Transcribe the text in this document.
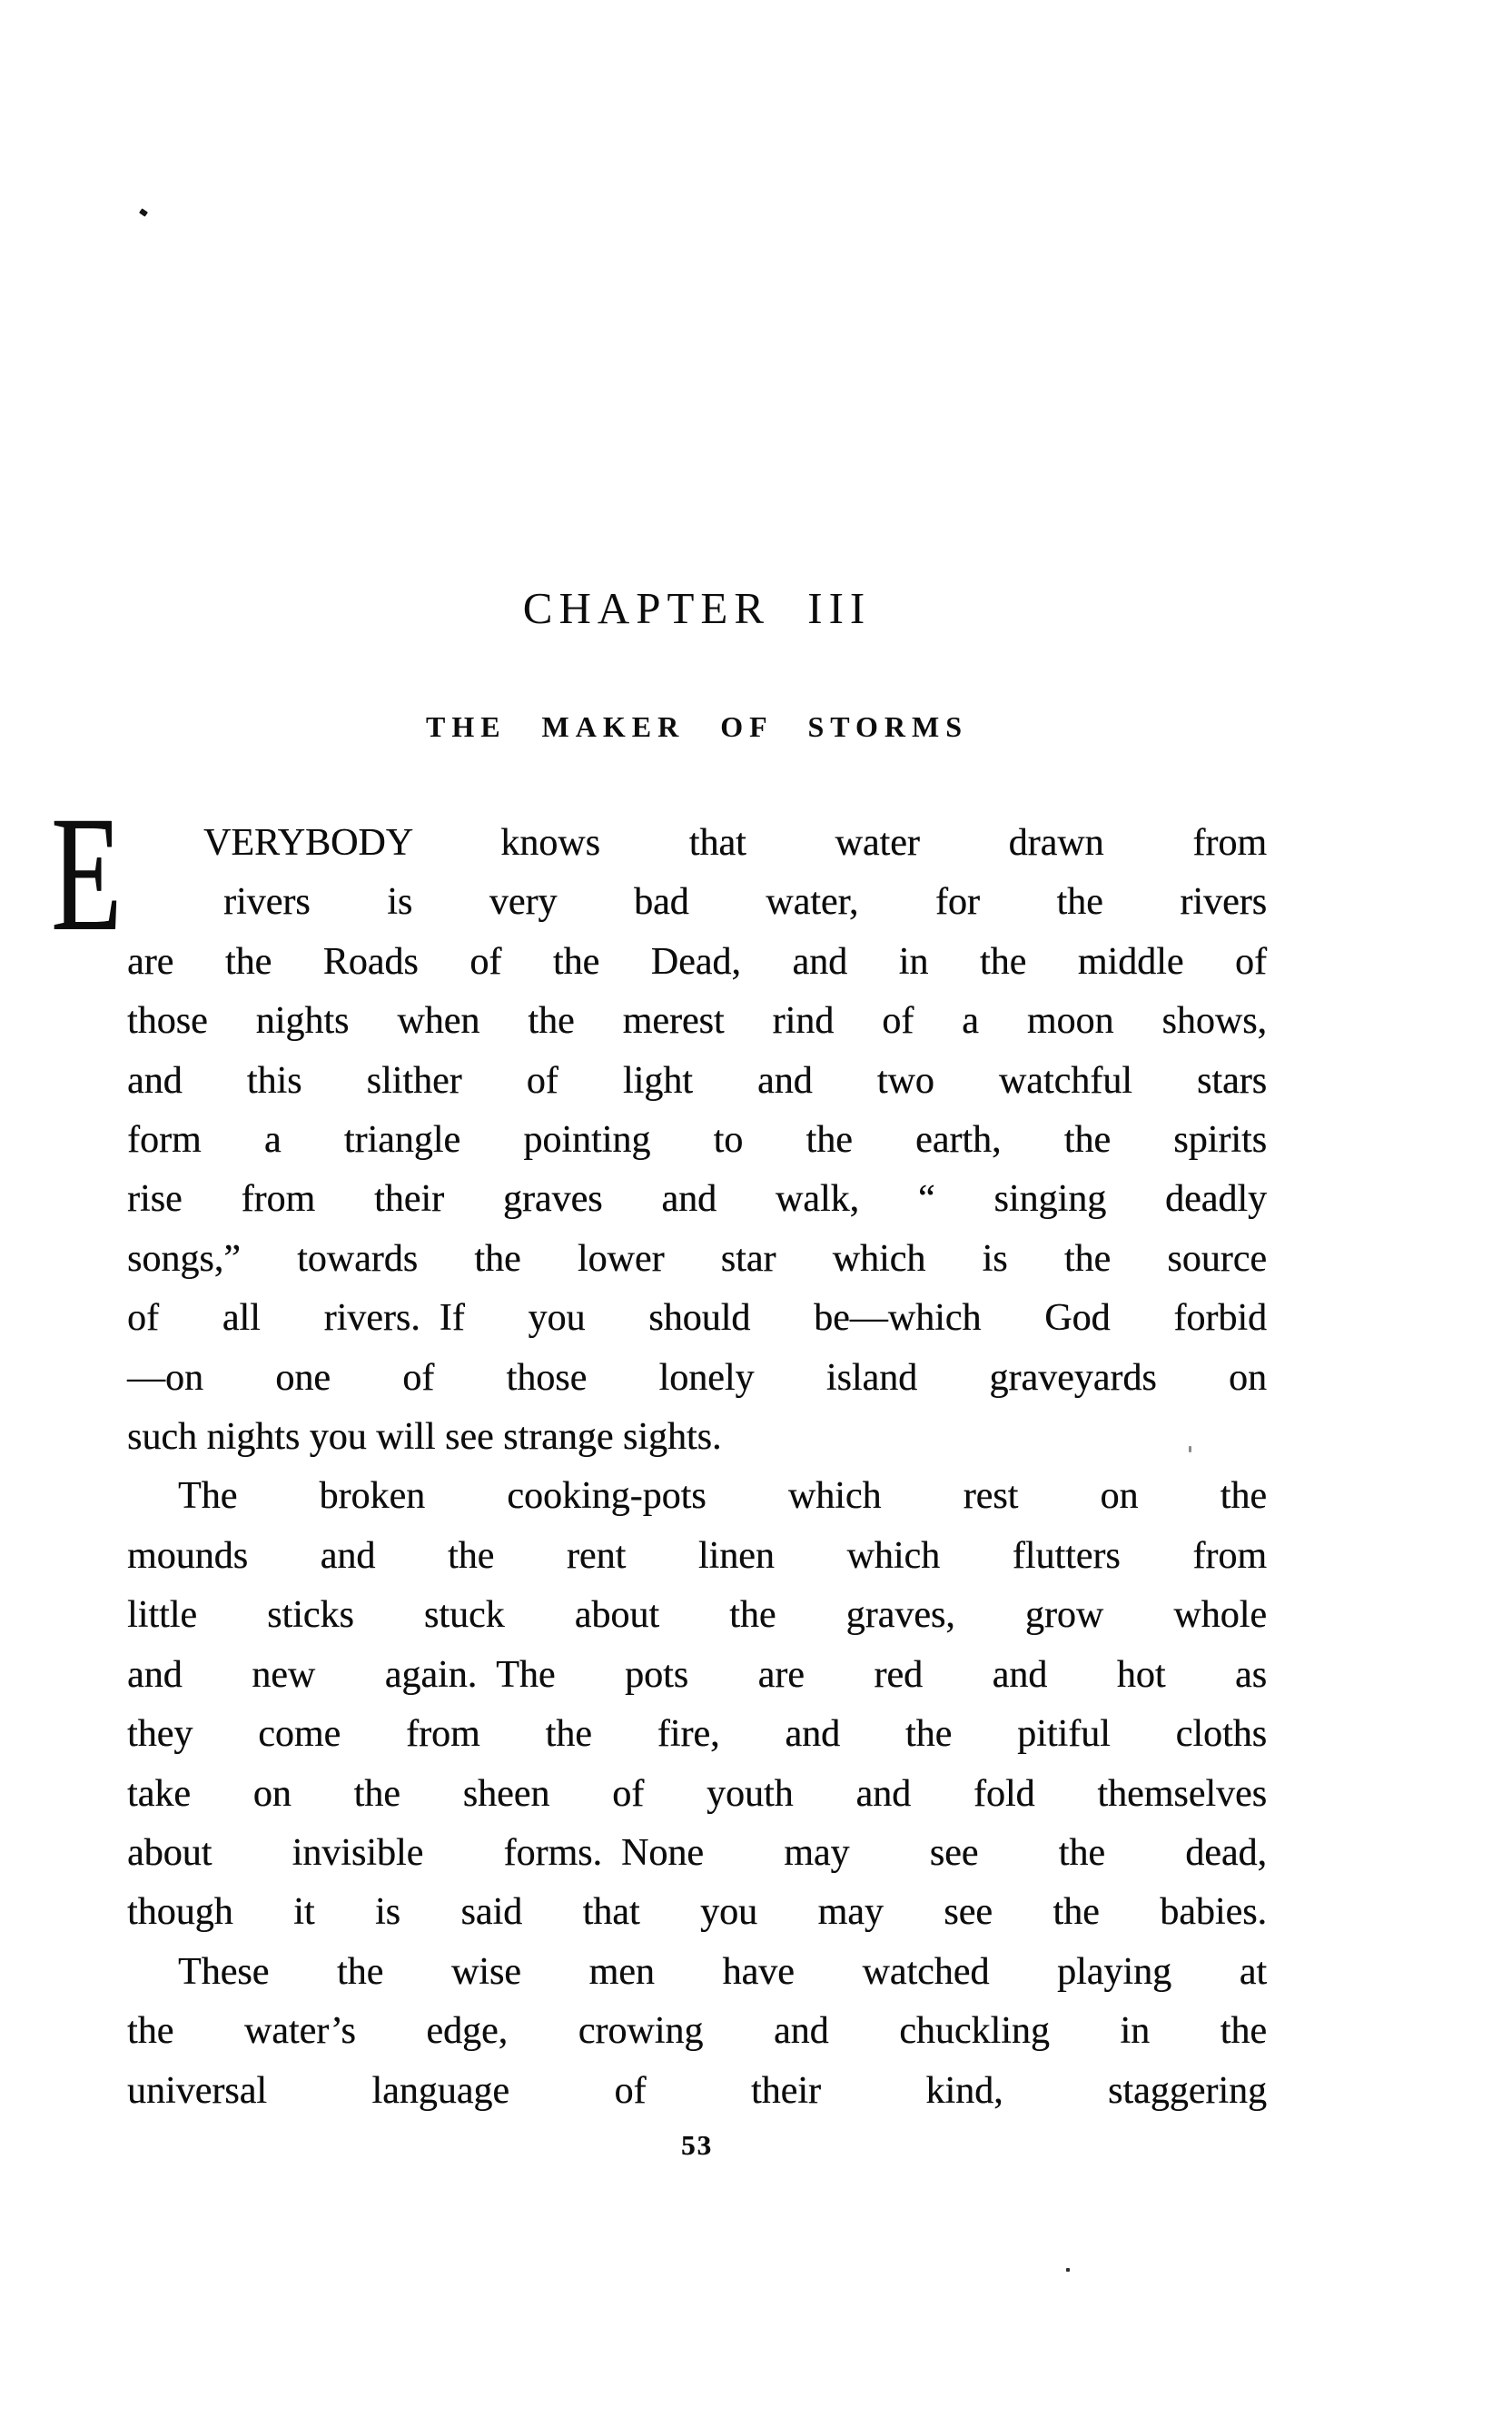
CHAPTER III
THE MAKER OF STORMS
E VERYBODY knows that water drawn from
rivers is very bad water, for the rivers
are the Roads of the Dead, and in the middle of
those nights when the merest rind of a moon shows,
and this slither of light and two watchful stars
form a triangle pointing to the earth, the spirits
rise from their graves and walk, “ singing deadly
songs,” towards the lower star which is the source
of all rivers. If you should be—which God forbid
—on one of those lonely island graveyards on
such nights you will see strange sights.
The broken cooking-pots which rest on the
mounds and the rent linen which flutters from
little sticks stuck about the graves, grow whole
and new again. The pots are red and hot as
they come from the fire, and the pitiful cloths
take on the sheen of youth and fold themselves
about invisible forms. None may see the dead,
though it is said that you may see the babies.
These the wise men have watched playing at
the water’s edge, crowing and chuckling in the
universal language of their kind, staggering
53
